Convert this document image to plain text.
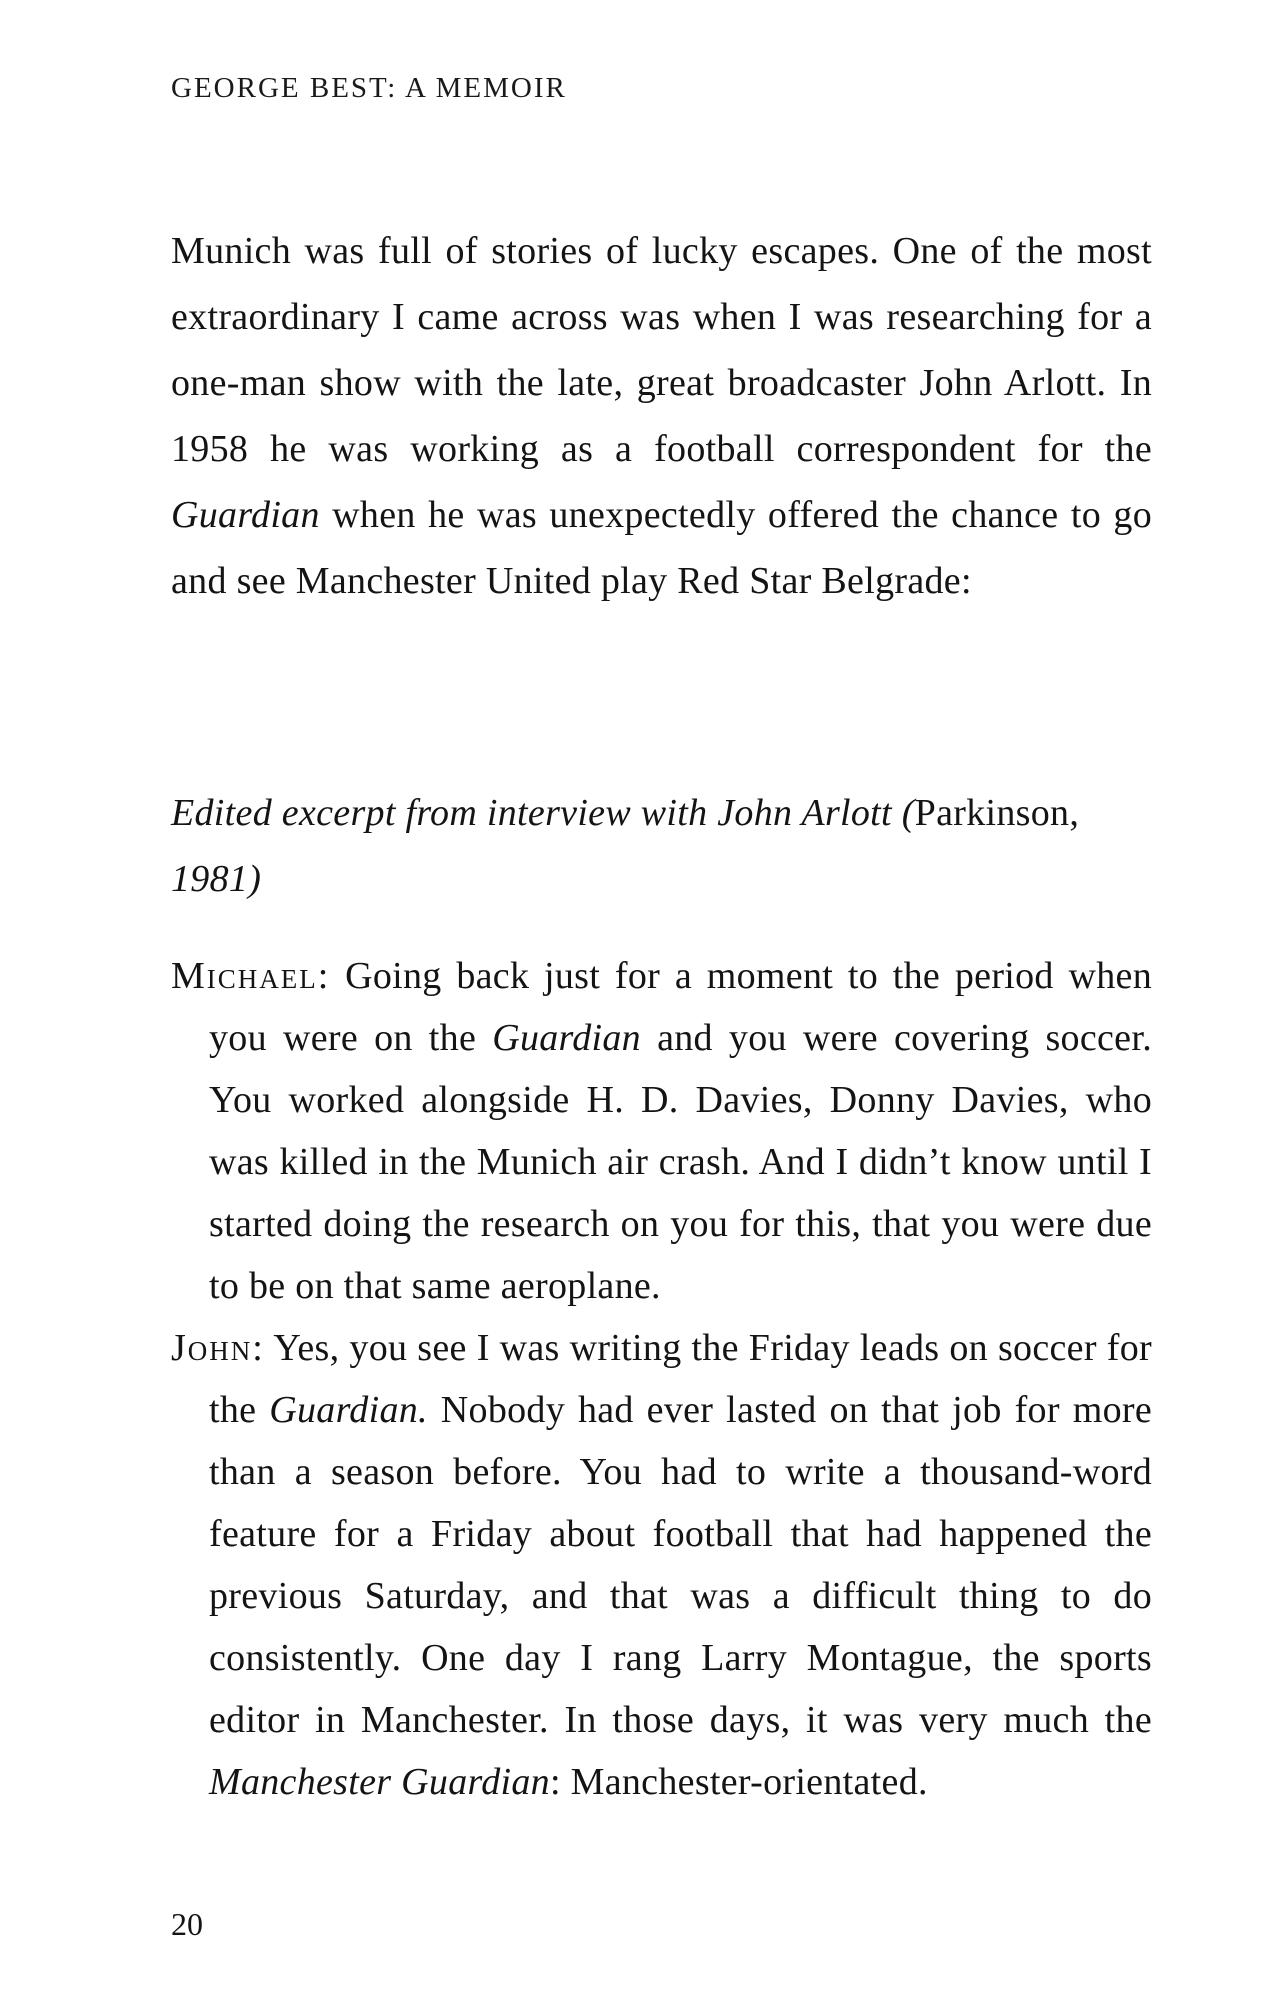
GEORGE BEST: A MEMOIR
Munich was full of stories of lucky escapes. One of the most extraordinary I came across was when I was researching for a one-man show with the late, great broadcaster John Arlott. In 1958 he was working as a football correspondent for the Guardian when he was unexpectedly offered the chance to go and see Manchester United play Red Star Belgrade:
Edited excerpt from interview with John Arlott (Parkinson, 1981)

Michael: Going back just for a moment to the period when you were on the Guardian and you were covering soccer. You worked alongside H. D. Davies, Donny Davies, who was killed in the Munich air crash. And I didn’t know until I started doing the research on you for this, that you were due to be on that same aeroplane.

John: Yes, you see I was writing the Friday leads on soccer for the Guardian. Nobody had ever lasted on that job for more than a season before. You had to write a thousand-word feature for a Friday about football that had happened the previous Saturday, and that was a difficult thing to do consistently. One day I rang Larry Montague, the sports editor in Manchester. In those days, it was very much the Manchester Guardian: Manchester-orientated.

20
